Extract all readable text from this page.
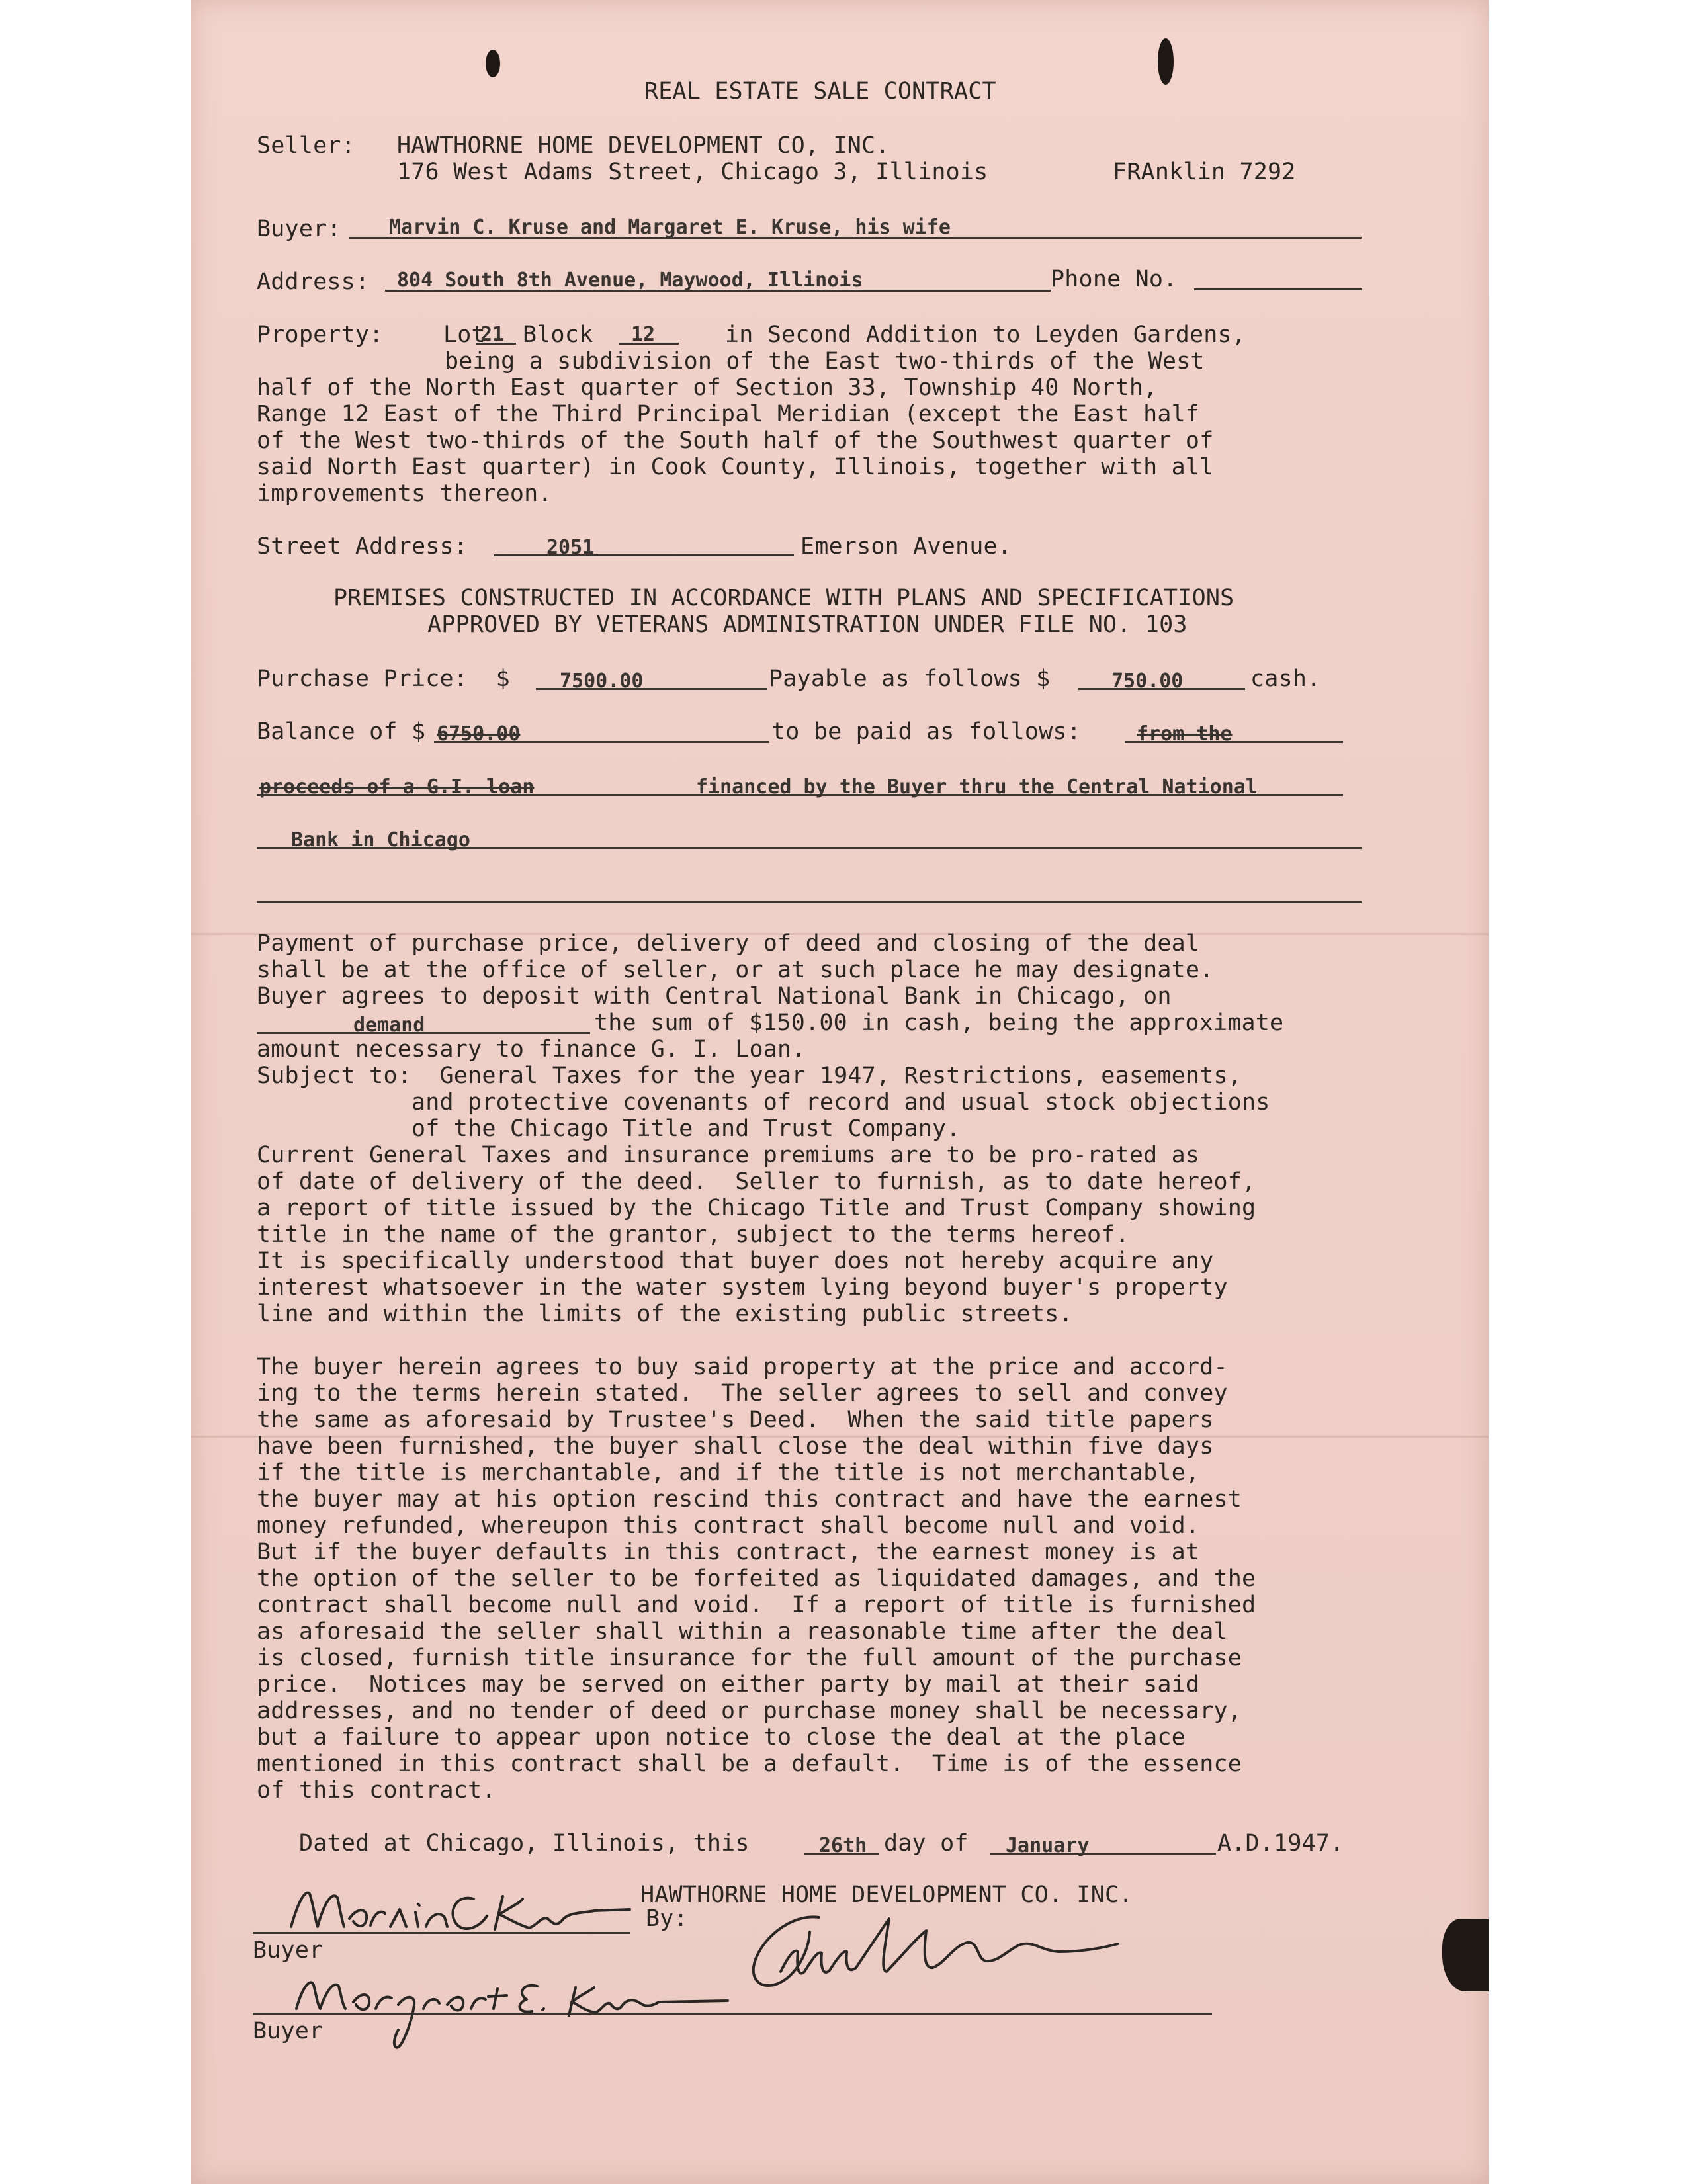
REAL ESTATE SALE CONTRACT
Seller: HAWTHORNE HOME DEVELOPMENT CO, INC.
176 West Adams Street, Chicago 3, Illinois	FRAnklin 7292
Buyer: Marvin C. Kruse and Margaret E. Kruse, his wife
Address: 804 South 8th Avenue, Maywood, Illinois	Phone No.
Property:	Lot
21 Block 12	in Second Addition to Leyden Gardens,
being a subdivision of the East two-thirds of the West
half of the North East quarter of Section 33, Township 40 North,
Range 12 East of the Third Principal Meridian (except the East half
of the West two-thirds of the South half of the Southwest quarter of
said North East quarter) in Cook County, Illinois, together with all
improvements thereon.
Street Address:	2051	Emerson Avenue.
PREMISES CONSTRUCTED IN ACCORDANCE WITH PLANS AND SPECIFICATIONS
APPROVED BY VETERANS ADMINISTRATION UNDER FILE NO. 103
Purchase Price:  $	7500.00	Payable as follows $	750.00	cash.
Balance of $ 6750.00	to be paid as follows:	from the
proceeds of a G.I. loan	financed by the Buyer thru the Central National
Bank in Chicago
Payment of purchase price, delivery of deed and closing of the deal
shall be at the office of seller, or at such place he may designate.
Buyer agrees to deposit with Central National Bank in Chicago, on
demand	the sum of $150.00 in cash, being the approximate
amount necessary to finance G. I. Loan.
Subject to:  General Taxes for the year 1947, Restrictions, easements,
and protective covenants of record and usual stock objections
of the Chicago Title and Trust Company.
Current General Taxes and insurance premiums are to be pro-rated as
of date of delivery of the deed.  Seller to furnish, as to date hereof,
a report of title issued by the Chicago Title and Trust Company showing
title in the name of the grantor, subject to the terms hereof.
It is specifically understood that buyer does not hereby acquire any
interest whatsoever in the water system lying beyond buyer's property
line and within the limits of the existing public streets.
The buyer herein agrees to buy said property at the price and accord-
ing to the terms herein stated.  The seller agrees to sell and convey
the same as aforesaid by Trustee's Deed.  When the said title papers
have been furnished, the buyer shall close the deal within five days
if the title is merchantable, and if the title is not merchantable,
the buyer may at his option rescind this contract and have the earnest
money refunded, whereupon this contract shall become null and void.
But if the buyer defaults in this contract, the earnest money is at
the option of the seller to be forfeited as liquidated damages, and the
contract shall become null and void.  If a report of title is furnished
as aforesaid the seller shall within a reasonable time after the deal
is closed, furnish title insurance for the full amount of the purchase
price.  Notices may be served on either party by mail at their said
addresses, and no tender of deed or purchase money shall be necessary,
but a failure to appear upon notice to close the deal at the place
mentioned in this contract shall be a default.  Time is of the essence
of this contract.
Dated at Chicago, Illinois, this	26th day of January	A.D.1947.
HAWTHORNE HOME DEVELOPMENT CO. INC.
By:
Buyer
Buyer
